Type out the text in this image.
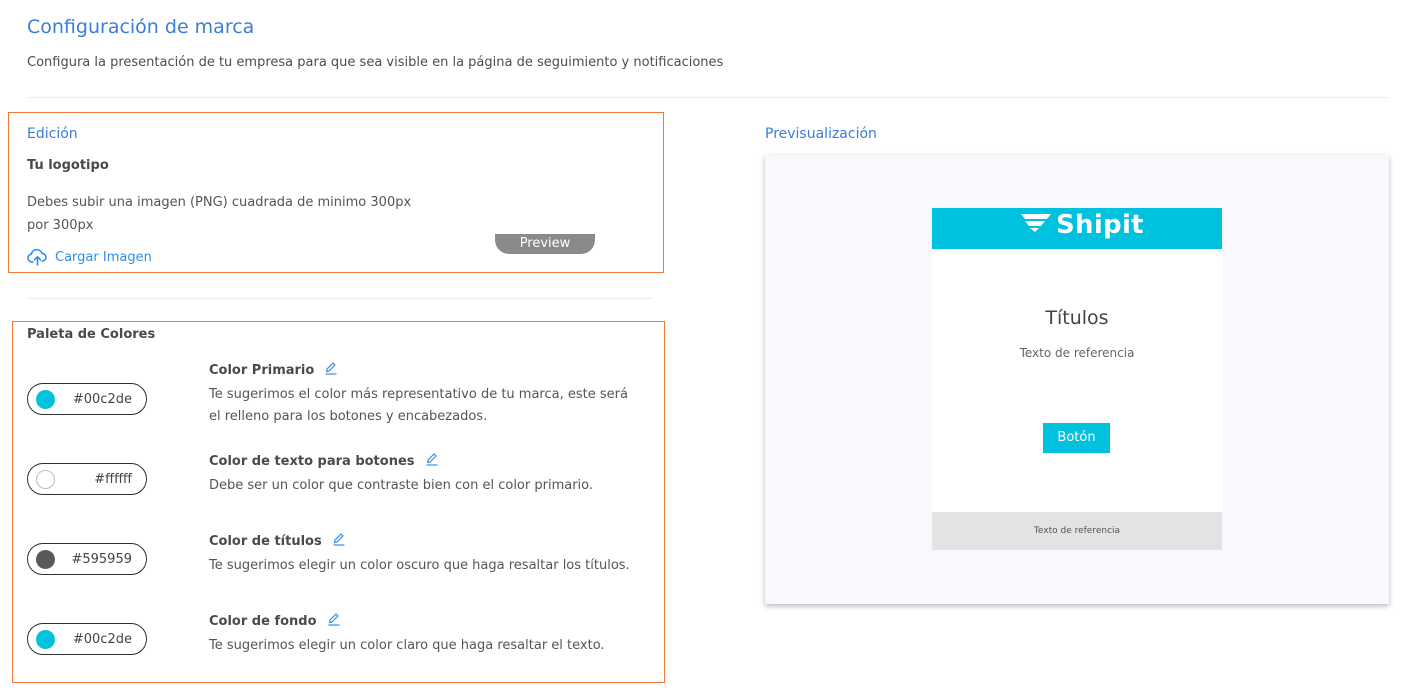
Configuración de marca
Configura la presentación de tu empresa para que sea visible en la página de seguimiento y notificaciones
Edición
Tu logotipo
Debes subir una imagen (PNG) cuadrada de minimo 300px por 300px
Cargar Imagen
Preview
Paleta de Colores
#00c2de
Color Primario
Te sugerimos el color más representativo de tu marca, este será el relleno para los botones y encabezados.
#ffffff
Color de texto para botones
Debe ser un color que contraste bien con el color primario.
#595959
Color de títulos
Te sugerimos elegir un color oscuro que haga resaltar los títulos.
#00c2de
Color de fondo
Te sugerimos elegir un color claro que haga resaltar el texto.
Previsualización
Shipit
Títulos
Texto de referencia
Botón
Texto de referencia
